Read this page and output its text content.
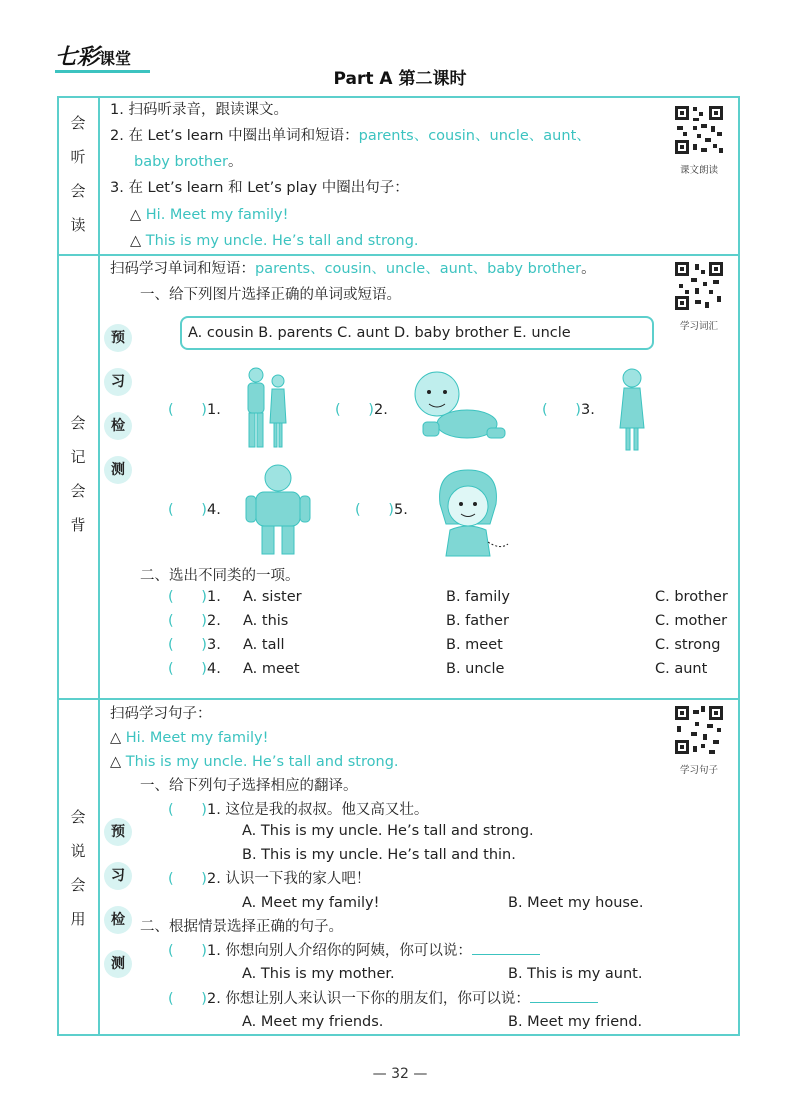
七彩课堂
Part A 第二课时
会
听
会
读
1. 扫码听录音，跟读课文。
2. 在 Let’s learn 中圈出单词和短语：parents、cousin、uncle、aunt、
baby brother。
3. 在 Let’s learn 和 Let’s play 中圈出句子：
△ Hi. Meet my family!
△ This is my uncle. He’s tall and strong.
课文朗读
会
记
会
背
预
习
检
测
扫码学习单词和短语：parents、cousin、uncle、aunt、baby brother。
一、给下列图片选择正确的单词或短语。
学习词汇
A. cousin B. parents C. aunt D. baby brother E. uncle
(      )1.	(      )2.	(      )3.
(      )4.	(      )5.
二、选出不同类的一项。
(      )1. A. sister	B. family	C. brother
(      )2. A. this	B. father	C. mother
(      )3. A. tall	B. meet	C. strong
(      )4. A. meet	B. uncle	C. aunt
会
说
会
用
预
习
检
测
扫码学习句子：
△ Hi. Meet my family!
△ This is my uncle. He’s tall and strong.
学习句子
一、给下列句子选择相应的翻译。
(      )1. 这位是我的叔叔。他又高又壮。
A. This is my uncle. He’s tall and strong.
B. This is my uncle. He’s tall and thin.
(      )2. 认识一下我的家人吧！
A. Meet my family!	B. Meet my house.
二、根据情景选择正确的句子。
(      )1. 你想向别人介绍你的阿姨，你可以说：
A. This is my mother.	B. This is my aunt.
(      )2. 你想让别人来认识一下你的朋友们，你可以说：
A. Meet my friends.	B. Meet my friend.
— 32 —
